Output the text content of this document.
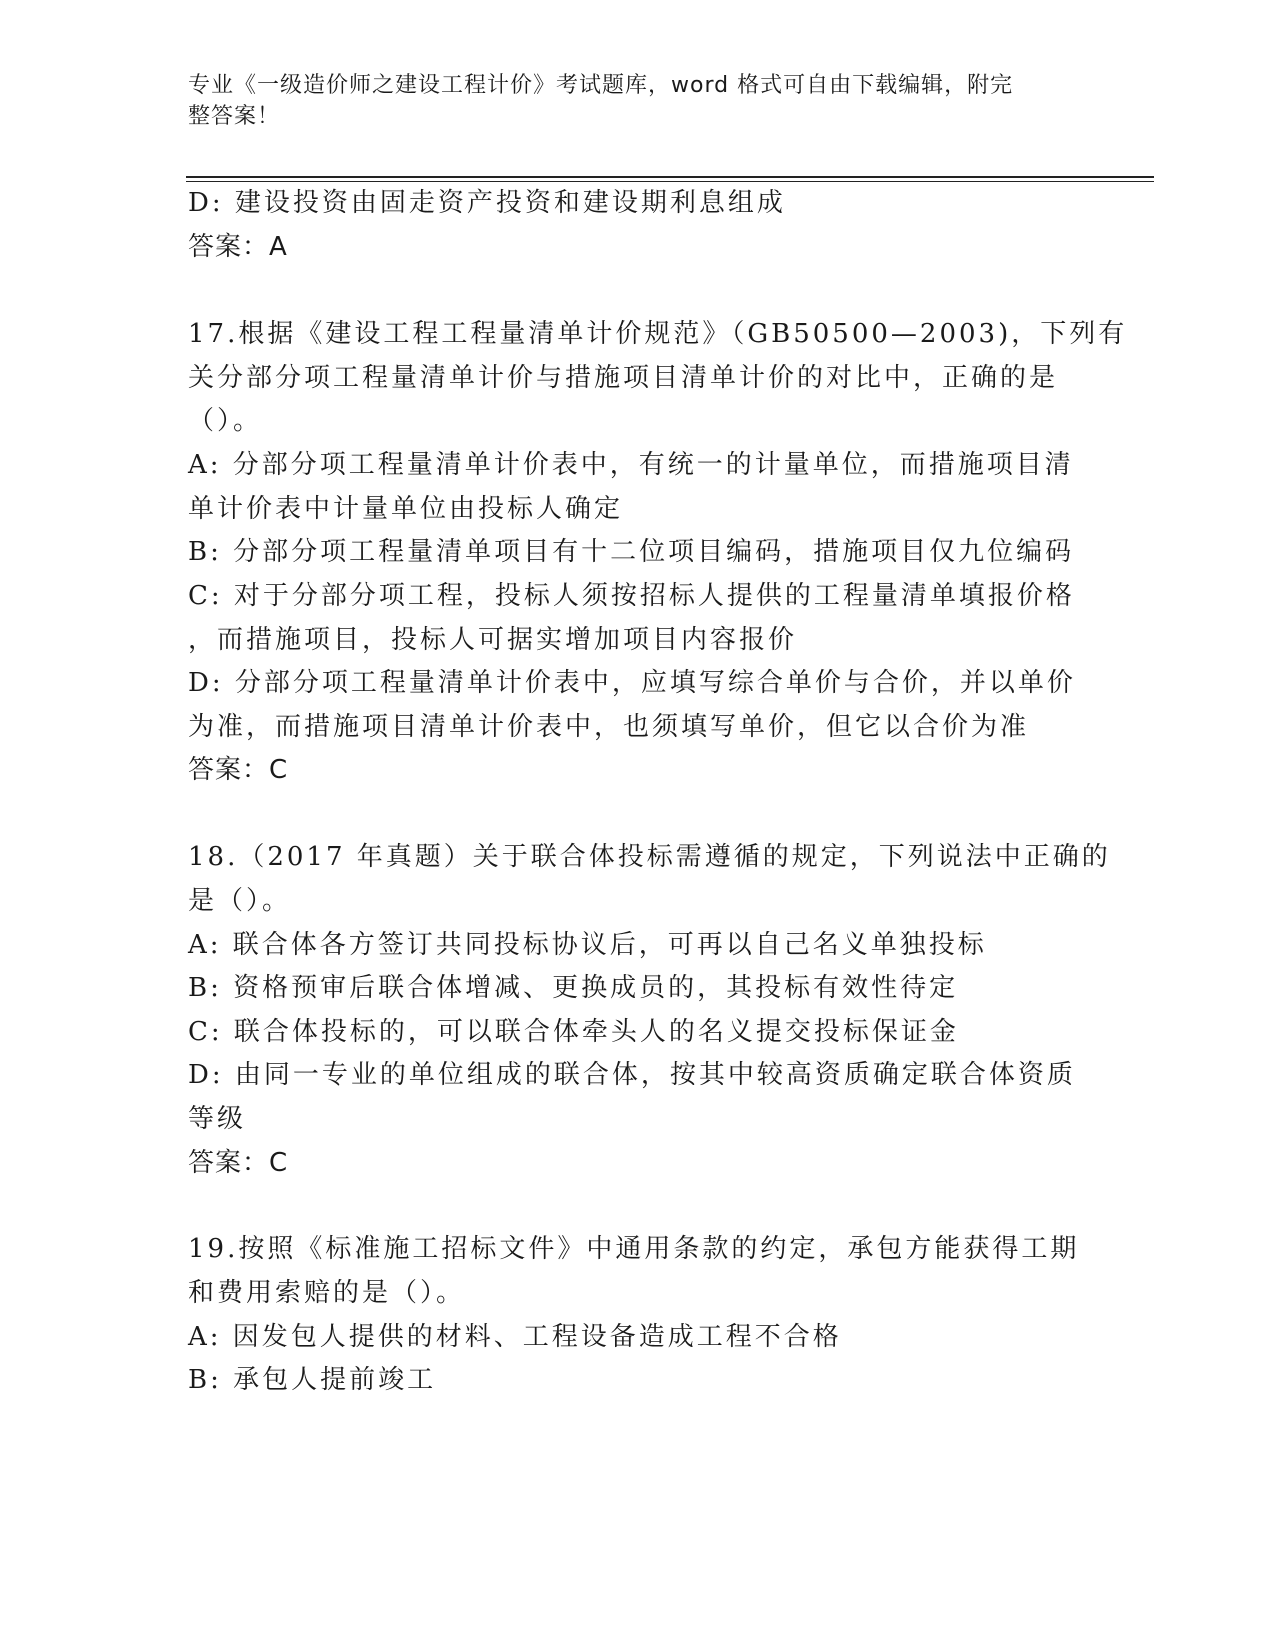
专业《一级造价师之建设工程计价》考试题库，word 格式可自由下载编辑，附完
整答案！
D: 建设投资由固走资产投资和建设期利息组成
答案：A
17.根据《建设工程工程量清单计价规范》（GB50500—2003)，下列有
关分部分项工程量清单计价与措施项目清单计价的对比中，正确的是
（）。
A: 分部分项工程量清单计价表中，有统一的计量单位，而措施项目清
单计价表中计量单位由投标人确定
B: 分部分项工程量清单项目有十二位项目编码，措施项目仅九位编码
C: 对于分部分项工程，投标人须按招标人提供的工程量清单填报价格
，而措施项目，投标人可据实增加项目内容报价
D: 分部分项工程量清单计价表中，应填写综合单价与合价，并以单价
为准，而措施项目清单计价表中，也须填写单价，但它以合价为准
答案：C
18.（2017 年真题）关于联合体投标需遵循的规定，下列说法中正确的
是（）。
A: 联合体各方签订共同投标协议后，可再以自己名义单独投标
B: 资格预审后联合体增减、更换成员的，其投标有效性待定
C: 联合体投标的，可以联合体牵头人的名义提交投标保证金
D: 由同一专业的单位组成的联合体，按其中较高资质确定联合体资质
等级
答案：C
19.按照《标准施工招标文件》中通用条款的约定，承包方能获得工期
和费用索赔的是（）。
A: 因发包人提供的材料、工程设备造成工程不合格
B: 承包人提前竣工
